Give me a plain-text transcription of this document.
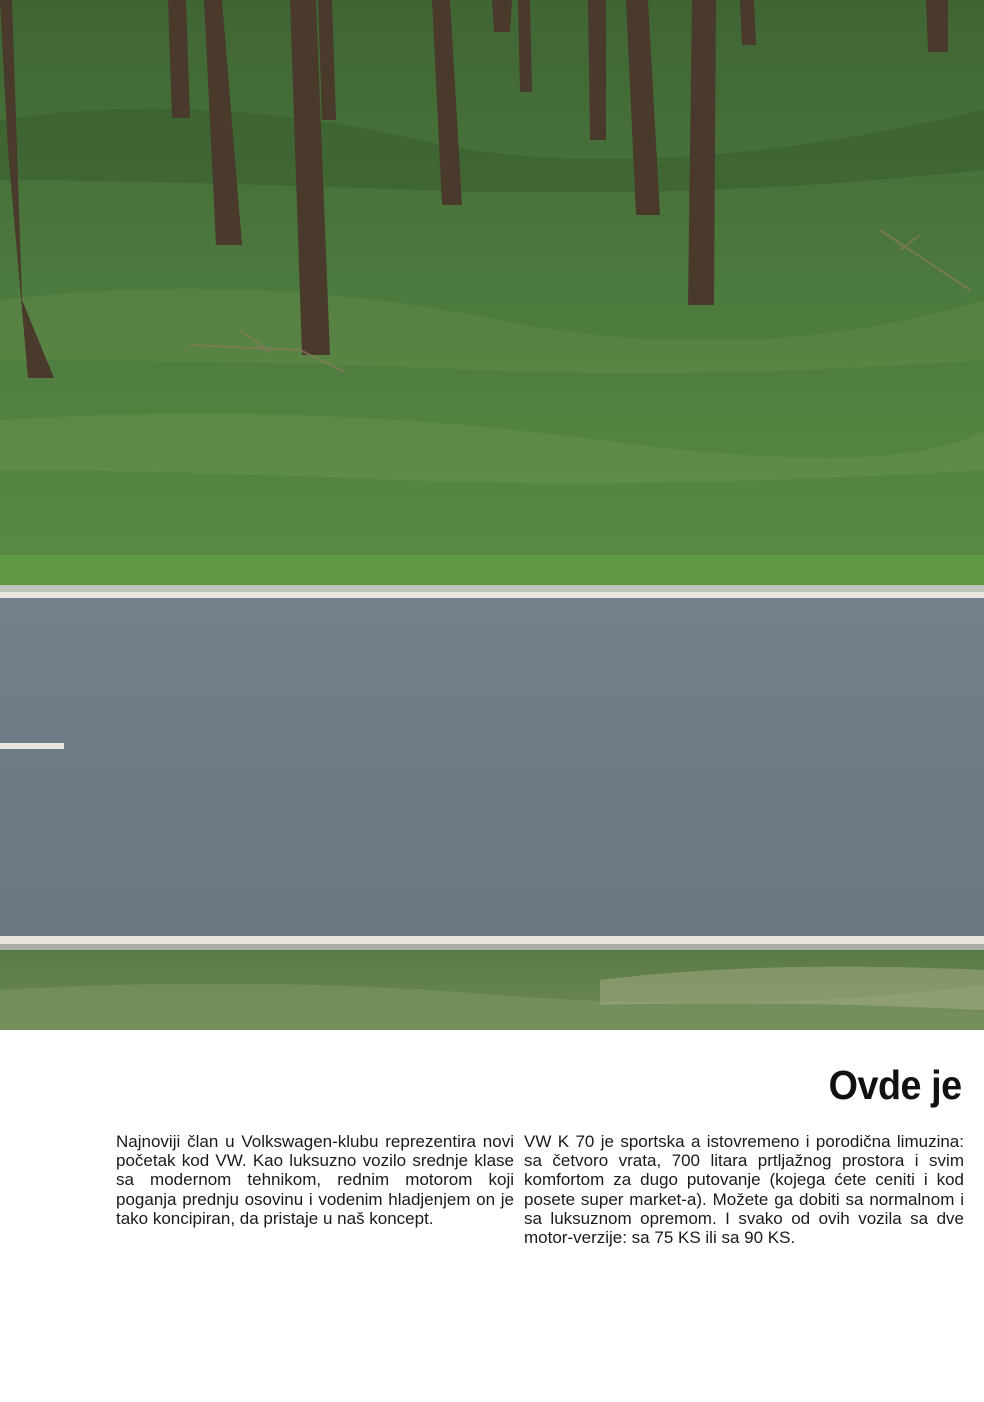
Ovde je

Najnoviji član u Volkswagen-klubu reprezentira novi početak kod VW. Kao luksuzno vozilo srednje klase sa modernom tehnikom, rednim motorom koji poganja prednju osovinu i vodenim hladjenjem on je tako koncipiran, da pristaje u naš koncept.

VW K 70 je sportska a istovremeno i porodična limuzina: sa četvoro vrata, 700 litara prtljažnog prostora i svim komfortom za dugo putovanje (kojega ćete ceniti i kod posete super market-a). Možete ga dobiti sa normalnom i sa luksuznom opremom. I svako od ovih vozila sa dve motor-verzije: sa 75 KS ili sa 90 KS.
